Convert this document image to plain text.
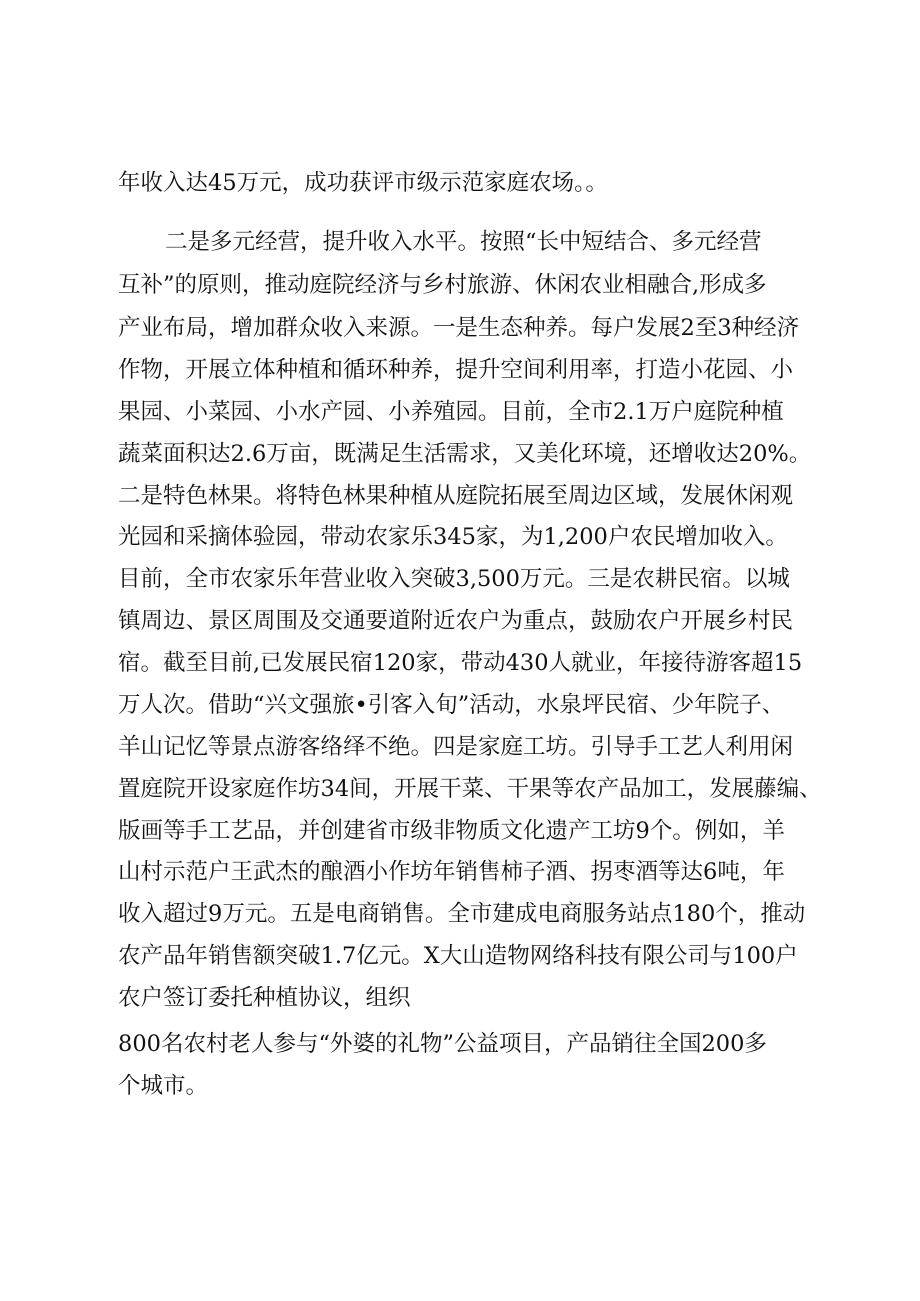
年收入达45万元，成功获评市级示范家庭农场。。
二是多元经营，提升收入水平。按照“长中短结合、多元经营
互补”的原则，推动庭院经济与乡村旅游、休闲农业相融合,形成多
产业布局，增加群众收入来源。一是生态种养。每户发展2至3种经济
作物，开展立体种植和循环种养，提升空间利用率，打造小花园、小
果园、小菜园、小水产园、小养殖园。目前，全市2.1万户庭院种植
蔬菜面积达2.6万亩，既满足生活需求，又美化环境，还增收达20%。
二是特色林果。将特色林果种植从庭院拓展至周边区域，发展休闲观
光园和采摘体验园，带动农家乐345家，为1,200户农民增加收入。
目前，全市农家乐年营业收入突破3,500万元。三是农耕民宿。以城
镇周边、景区周围及交通要道附近农户为重点，鼓励农户开展乡村民
宿。截至目前,已发展民宿120家，带动430人就业，年接待游客超15
万人次。借助“兴文强旅•引客入旬”活动，水泉坪民宿、少年院子、
羊山记忆等景点游客络绎不绝。四是家庭工坊。引导手工艺人利用闲
置庭院开设家庭作坊34间，开展干菜、干果等农产品加工，发展藤编、
版画等手工艺品，并创建省市级非物质文化遗产工坊9个。例如，羊
山村示范户王武杰的酿酒小作坊年销售柿子酒、拐枣酒等达6吨，年
收入超过9万元。五是电商销售。全市建成电商服务站点180个，推动
农产品年销售额突破1.7亿元。X大山造物网络科技有限公司与100户
农户签订委托种植协议，组织
800名农村老人参与“外婆的礼物”公益项目，产品销往全国200多
个城市。
